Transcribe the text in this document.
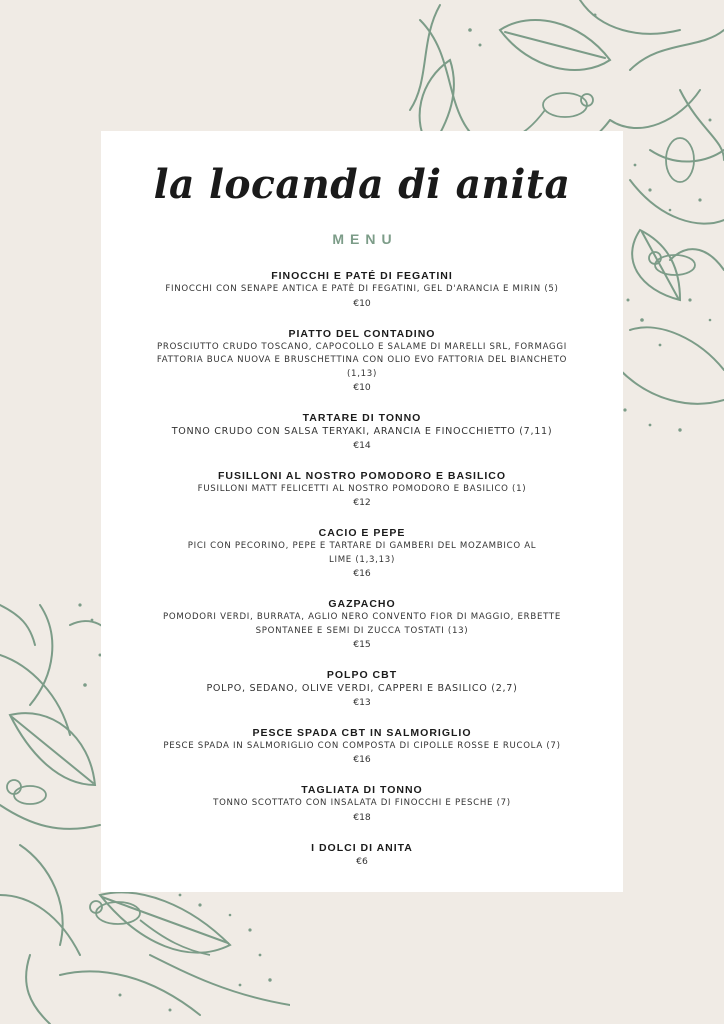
la locanda di anita
MENU
FINOCCHI E PATÉ DI FEGATINI
FINOCCHI CON SENAPE ANTICA E PATÈ DI FEGATINI, GEL D'ARANCIA E MIRIN (5)
€10
PIATTO DEL CONTADINO
PROSCIUTTO CRUDO TOSCANO, CAPOCOLLO E SALAME DI MARELLI SRL, FORMAGGI FATTORIA BUCA NUOVA E BRUSCHETTINA CON OLIO EVO FATTORIA DEL BIANCHETO (1,13)
€10
TARTARE DI TONNO
TONNO CRUDO CON SALSA TERYAKI, ARANCIA E FINOCCHIETTO (7,11)
€14
FUSILLONI AL NOSTRO POMODORO E BASILICO
FUSILLONI MATT FELICETTI AL NOSTRO POMODORO E BASILICO (1)
€12
CACIO E PEPE
PICI CON PECORINO, PEPE E TARTARE DI GAMBERI DEL MOZAMBICO AL LIME (1,3,13)
€16
GAZPACHO
POMODORI VERDI, BURRATA, AGLIO NERO CONVENTO FIOR DI MAGGIO, ERBETTE SPONTANEE E SEMI DI ZUCCA TOSTATI (13)
€15
POLPO CBT
POLPO, SEDANO, OLIVE VERDI, CAPPERI E BASILICO (2,7)
€13
PESCE SPADA CBT IN SALMORIGLIO
PESCE SPADA IN SALMORIGLIO CON COMPOSTA DI CIPOLLE ROSSE E RUCOLA (7)
€16
TAGLIATA DI TONNO
TONNO SCOTTATO CON INSALATA DI FINOCCHI E PESCHE (7)
€18
I DOLCI DI ANITA
€6
